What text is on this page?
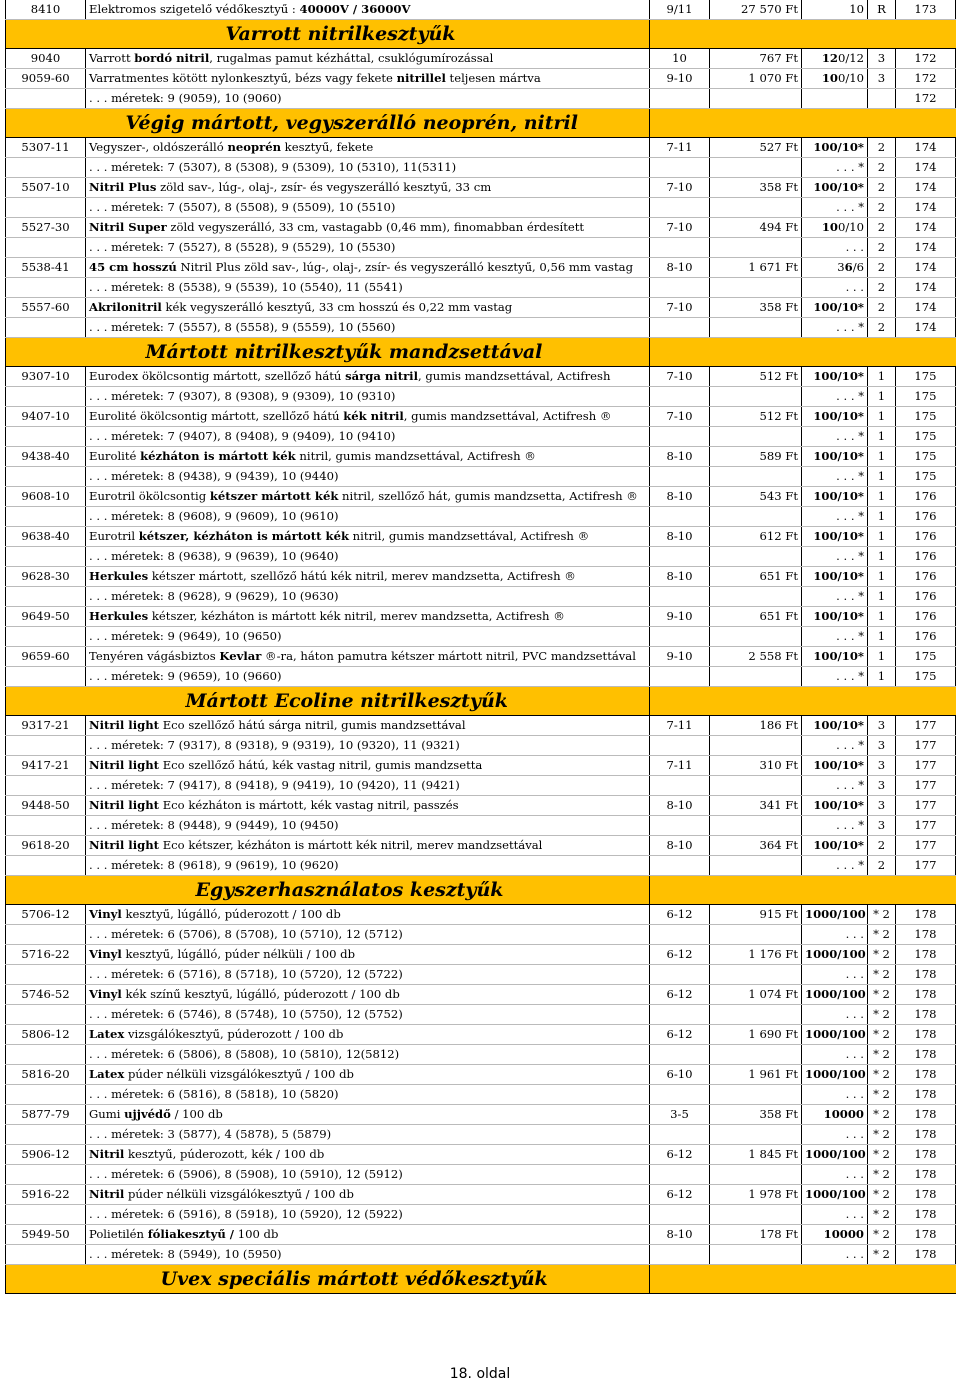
8410	Elektromos szigetelő védőkesztyű : 40000V / 36000V	9/11	27 570 Ft	10	R	173
	Varrott nitrilkesztyűk					
9040	Varrott bordó nitril, rugalmas pamut kézháttal, csuklógumírozással	10	767 Ft	120/12	3	172
9059-60	Varratmentes kötött nylonkesztyű, bézs vagy fekete nitrillel teljesen mártva	9-10	1 070 Ft	100/10	3	172
	. . . méretek: 9 (9059), 10 (9060)					172
	Végig mártott, vegyszerálló neoprén, nitril					
5307-11	Vegyszer-, oldószerálló neoprén kesztyű, fekete	7-11	527 Ft	100/10*	2	174
	. . . méretek: 7 (5307), 8 (5308), 9 (5309), 10 (5310), 11(5311)			. . . *	2	174
5507-10	Nitril Plus zöld sav-, lúg-, olaj-, zsír- és vegyszerálló kesztyű, 33 cm	7-10	358 Ft	100/10*	2	174
	. . . méretek: 7 (5507), 8 (5508), 9 (5509), 10 (5510)			. . . *	2	174
5527-30	Nitril Super zöld vegyszerálló, 33 cm, vastagabb (0,46 mm), finomabban érdesített	7-10	494 Ft	100/10	2	174
	. . . méretek: 7 (5527), 8 (5528), 9 (5529), 10 (5530)			. . .	2	174
5538-41	45 cm hosszú Nitril Plus zöld sav-, lúg-, olaj-, zsír- és vegyszerálló kesztyű, 0,56 mm vastag	8-10	1 671 Ft	36/6	2	174
	. . . méretek: 8 (5538), 9 (5539), 10 (5540), 11 (5541)			. . .	2	174
5557-60	Akrilonitril kék vegyszerálló kesztyű, 33 cm hosszú és 0,22 mm vastag	7-10	358 Ft	100/10*	2	174
	. . . méretek: 7 (5557), 8 (5558), 9 (5559), 10 (5560)			. . . *	2	174
	Mártott nitrilkesztyűk mandzsettával					
9307-10	Eurodex ökölcsontig mártott, szellőző hátú sárga nitril, gumis mandzsettával, Actifresh	7-10	512 Ft	100/10*	1	175
	. . . méretek: 7 (9307), 8 (9308), 9 (9309), 10 (9310)			. . . *	1	175
9407-10	Eurolité ökölcsontig mártott, szellőző hátú kék nitril, gumis mandzsettával, Actifresh ®	7-10	512 Ft	100/10*	1	175
	. . . méretek: 7 (9407), 8 (9408), 9 (9409), 10 (9410)			. . . *	1	175
9438-40	Eurolité kézháton is mártott kék nitril, gumis mandzsettával, Actifresh ®	8-10	589 Ft	100/10*	1	175
	. . . méretek: 8 (9438), 9 (9439), 10 (9440)			. . . *	1	175
9608-10	Eurotril ökölcsontig kétszer mártott kék nitril, szellőző hát, gumis mandzsetta, Actifresh ®	8-10	543 Ft	100/10*	1	176
	. . . méretek: 8 (9608), 9 (9609), 10 (9610)			. . . *	1	176
9638-40	Eurotril kétszer, kézháton is mártott kék nitril, gumis mandzsettával, Actifresh ®	8-10	612 Ft	100/10*	1	176
	. . . méretek: 8 (9638), 9 (9639), 10 (9640)			. . . *	1	176
9628-30	Herkules kétszer mártott, szellőző hátú kék nitril, merev mandzsetta, Actifresh ®	8-10	651 Ft	100/10*	1	176
	. . . méretek: 8 (9628), 9 (9629), 10 (9630)			. . . *	1	176
9649-50	Herkules kétszer, kézháton is mártott kék nitril, merev mandzsetta, Actifresh ®	9-10	651 Ft	100/10*	1	176
	. . . méretek: 9 (9649), 10 (9650)			. . . *	1	176
9659-60	Tenyéren vágásbiztos Kevlar ®-ra, háton pamutra kétszer mártott nitril, PVC mandzsettával	9-10	2 558 Ft	100/10*	1	175
	. . . méretek: 9 (9659), 10 (9660)			. . . *	1	175
	Mártott Ecoline nitrilkesztyűk					
9317-21	Nitril light Eco szellőző hátú sárga nitril, gumis mandzsettával	7-11	186 Ft	100/10*	3	177
	. . . méretek: 7 (9317), 8 (9318), 9 (9319), 10 (9320), 11 (9321)			. . . *	3	177
9417-21	Nitril light Eco szellőző hátú, kék vastag nitril, gumis mandzsetta	7-11	310 Ft	100/10*	3	177
	. . . méretek: 7 (9417), 8 (9418), 9 (9419), 10 (9420), 11 (9421)			. . . *	3	177
9448-50	Nitril light Eco kézháton is mártott, kék vastag nitril, passzés	8-10	341 Ft	100/10*	3	177
	. . . méretek: 8 (9448), 9 (9449), 10 (9450)			. . . *	3	177
9618-20	Nitril light Eco kétszer, kézháton is mártott kék nitril, merev mandzsettával	8-10	364 Ft	100/10*	2	177
	. . . méretek: 8 (9618), 9 (9619), 10 (9620)			. . . *	2	177
	Egyszerhasználatos kesztyűk					
5706-12	Vinyl kesztyű, lúgálló, púderozott / 100 db	6-12	915 Ft	1000/100	* 2	178
	. . . méretek: 6 (5706), 8 (5708), 10 (5710), 12 (5712)			. . .	* 2	178
5716-22	Vinyl kesztyű, lúgálló, púder nélküli / 100 db	6-12	1 176 Ft	1000/100	* 2	178
	. . . méretek: 6 (5716), 8 (5718), 10 (5720), 12 (5722)			. . .	* 2	178
5746-52	Vinyl kék színű kesztyű, lúgálló, púderozott / 100 db	6-12	1 074 Ft	1000/100	* 2	178
	. . . méretek: 6 (5746), 8 (5748), 10 (5750), 12 (5752)			. . .	* 2	178
5806-12	Latex vizsgálókesztyű, púderozott / 100 db	6-12	1 690 Ft	1000/100	* 2	178
	. . . méretek: 6 (5806), 8 (5808), 10 (5810), 12(5812)			. . .	* 2	178
5816-20	Latex púder nélküli vizsgálókesztyű / 100 db	6-10	1 961 Ft	1000/100	* 2	178
	. . . méretek: 6 (5816), 8 (5818), 10 (5820)			. . .	* 2	178
5877-79	Gumi ujjvédő / 100 db	3-5	358 Ft	10000	* 2	178
	. . . méretek: 3 (5877), 4 (5878), 5 (5879)			. . .	* 2	178
5906-12	Nitril kesztyű, púderozott, kék / 100 db	6-12	1 845 Ft	1000/100	* 2	178
	. . . méretek: 6 (5906), 8 (5908), 10 (5910), 12 (5912)			. . .	* 2	178
5916-22	Nitril púder nélküli vizsgálókesztyű / 100 db	6-12	1 978 Ft	1000/100	* 2	178
	. . . méretek: 6 (5916), 8 (5918), 10 (5920), 12 (5922)			. . .	* 2	178
5949-50	Polietilén fóliakesztyű / 100 db	8-10	178 Ft	10000	* 2	178
	. . . méretek: 8 (5949), 10 (5950)			. . .	* 2	178
	Uvex speciális mártott védőkesztyűk					
18. oldal
